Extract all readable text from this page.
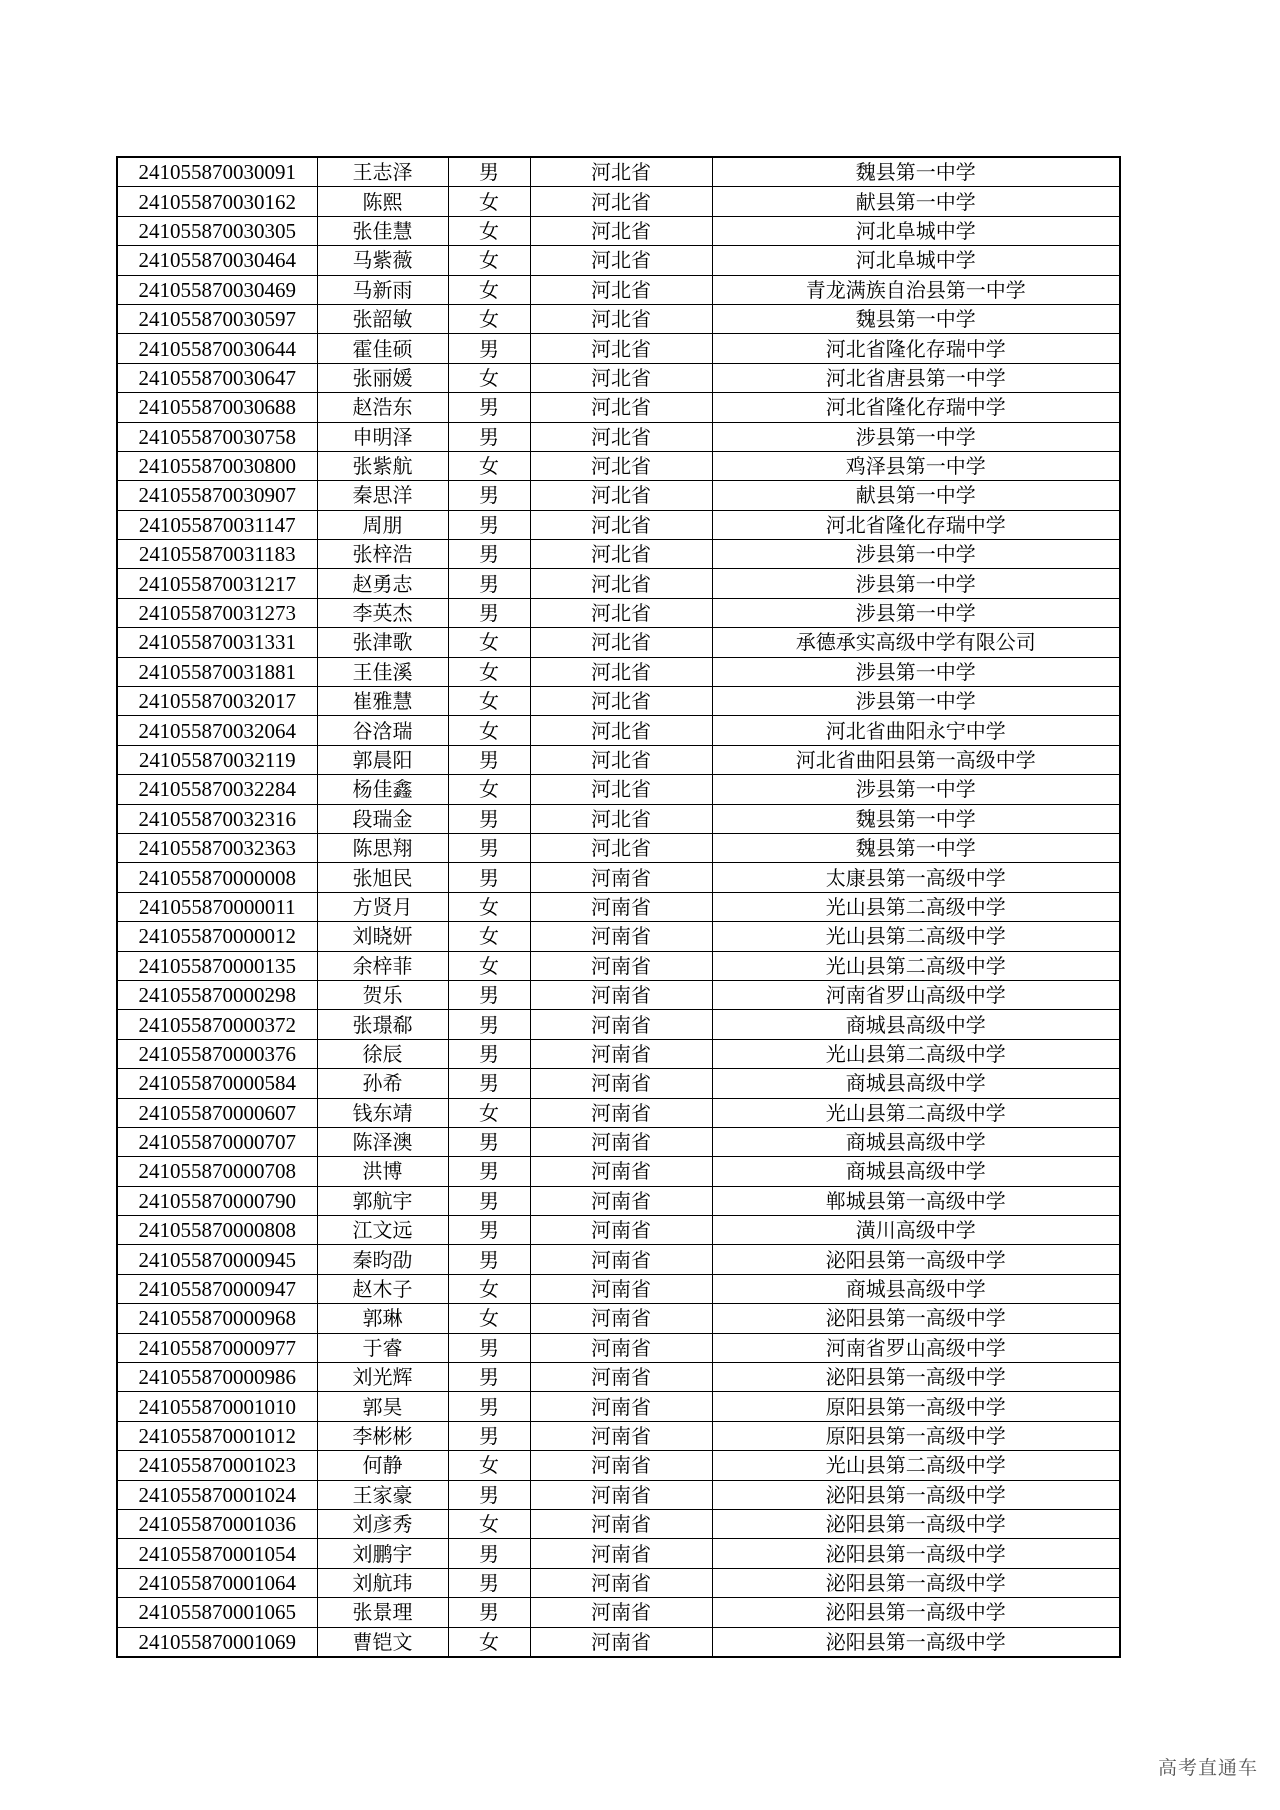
241055870030091	王志泽	男	河北省	魏县第一中学
241055870030162	陈熙	女	河北省	献县第一中学
241055870030305	张佳慧	女	河北省	河北阜城中学
241055870030464	马紫薇	女	河北省	河北阜城中学
241055870030469	马新雨	女	河北省	青龙满族自治县第一中学
241055870030597	张韶敏	女	河北省	魏县第一中学
241055870030644	霍佳硕	男	河北省	河北省隆化存瑞中学
241055870030647	张丽媛	女	河北省	河北省唐县第一中学
241055870030688	赵浩东	男	河北省	河北省隆化存瑞中学
241055870030758	申明泽	男	河北省	涉县第一中学
241055870030800	张紫航	女	河北省	鸡泽县第一中学
241055870030907	秦思洋	男	河北省	献县第一中学
241055870031147	周朋	男	河北省	河北省隆化存瑞中学
241055870031183	张梓浩	男	河北省	涉县第一中学
241055870031217	赵勇志	男	河北省	涉县第一中学
241055870031273	李英杰	男	河北省	涉县第一中学
241055870031331	张津歌	女	河北省	承德承实高级中学有限公司
241055870031881	王佳溪	女	河北省	涉县第一中学
241055870032017	崔雅慧	女	河北省	涉县第一中学
241055870032064	谷浛瑞	女	河北省	河北省曲阳永宁中学
241055870032119	郭晨阳	男	河北省	河北省曲阳县第一高级中学
241055870032284	杨佳鑫	女	河北省	涉县第一中学
241055870032316	段瑞金	男	河北省	魏县第一中学
241055870032363	陈思翔	男	河北省	魏县第一中学
241055870000008	张旭民	男	河南省	太康县第一高级中学
241055870000011	方贤月	女	河南省	光山县第二高级中学
241055870000012	刘晓妍	女	河南省	光山县第二高级中学
241055870000135	余梓菲	女	河南省	光山县第二高级中学
241055870000298	贺乐	男	河南省	河南省罗山高级中学
241055870000372	张璟郗	男	河南省	商城县高级中学
241055870000376	徐辰	男	河南省	光山县第二高级中学
241055870000584	孙希	男	河南省	商城县高级中学
241055870000607	钱东靖	女	河南省	光山县第二高级中学
241055870000707	陈泽澳	男	河南省	商城县高级中学
241055870000708	洪博	男	河南省	商城县高级中学
241055870000790	郭航宇	男	河南省	郸城县第一高级中学
241055870000808	江文远	男	河南省	潢川高级中学
241055870000945	秦昀劭	男	河南省	泌阳县第一高级中学
241055870000947	赵木子	女	河南省	商城县高级中学
241055870000968	郭琳	女	河南省	泌阳县第一高级中学
241055870000977	于睿	男	河南省	河南省罗山高级中学
241055870000986	刘光辉	男	河南省	泌阳县第一高级中学
241055870001010	郭昊	男	河南省	原阳县第一高级中学
241055870001012	李彬彬	男	河南省	原阳县第一高级中学
241055870001023	何静	女	河南省	光山县第二高级中学
241055870001024	王家豪	男	河南省	泌阳县第一高级中学
241055870001036	刘彦秀	女	河南省	泌阳县第一高级中学
241055870001054	刘鹏宇	男	河南省	泌阳县第一高级中学
241055870001064	刘航玮	男	河南省	泌阳县第一高级中学
241055870001065	张景理	男	河南省	泌阳县第一高级中学
241055870001069	曹铠文	女	河南省	泌阳县第一高级中学
高考直通车
